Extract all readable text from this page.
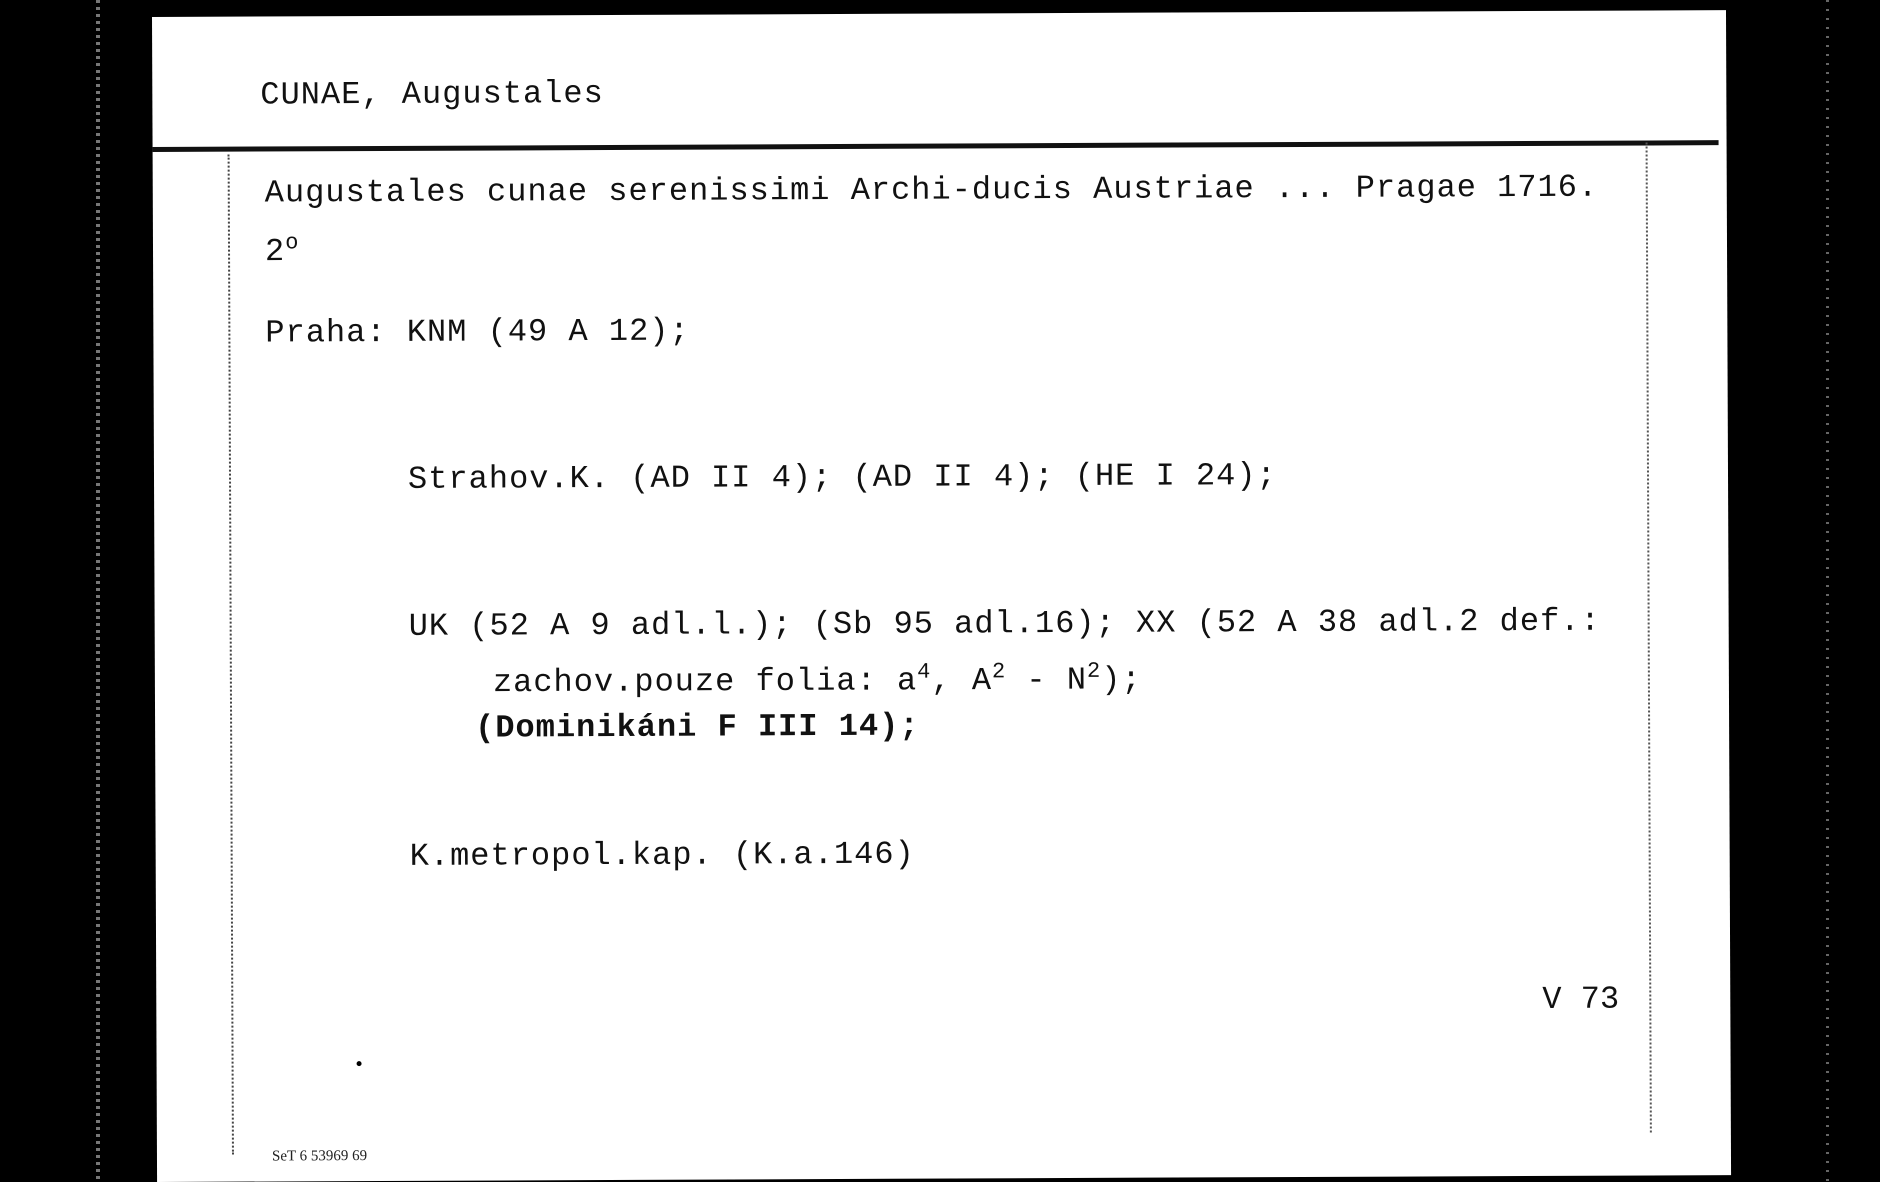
CUNAE, Augustales
Augustales cunae serenissimi Archi-ducis Austriae ... Pragae 1716.
2$^o$
Praha: KNM (49 A 12);
Strahov.K. (AD II 4); (AD II 4); (HE I 24);
UK (52 A 9 adl.l.); (Sb 95 adl.16); XX (52 A 38 adl.2 def.:
zachov.pouze folia: $a^4$, $A^2 - N^2$);
(Dominikáni F III 14);
K.metropol.kap. (K.a.146)
V 73
SeT 6 53969 69
